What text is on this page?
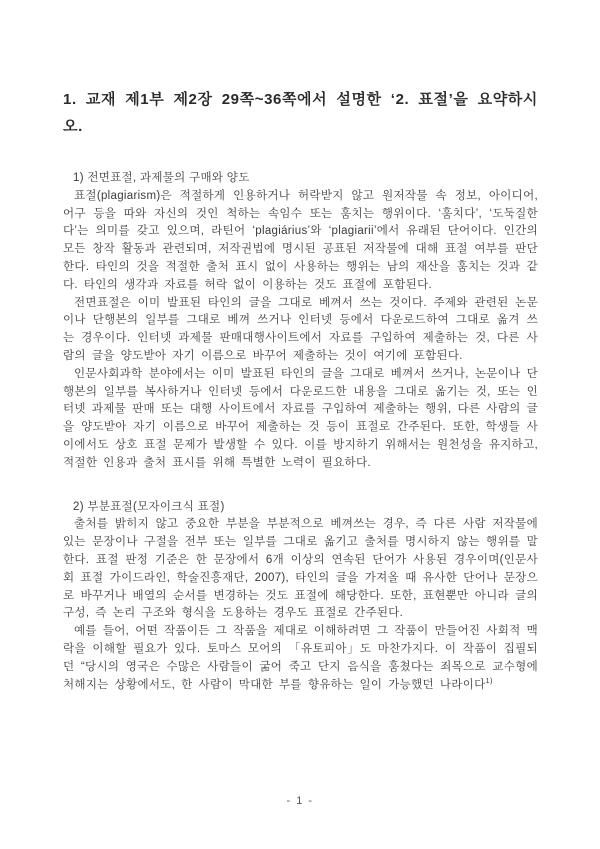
1. 교재 제1부 제2장 29쪽~36쪽에서 설명한 ‘2. 표절’을 요약하시오.

1) 전면표절, 과제물의 구매와 양도

표절(plagiarism)은 적절하게 인용하거나 허락받지 않고 원저작물 속 정보, 아이디어, 어구 등을 따와 자신의 것인 척하는 속임수 또는 훔치는 행위이다. ‘훔치다’, ‘도둑질한다’는 의미를 갖고 있으며, 라틴어 ‘plagiárius’와 ‘plagiarii’에서 유래된 단어이다. 인간의 모든 창작 활동과 관련되며, 저작권법에 명시된 공표된 저작물에 대해 표절 여부를 판단한다. 타인의 것을 적절한 출처 표시 없이 사용하는 행위는 남의 재산을 훔치는 것과 같다. 타인의 생각과 자료를 허락 없이 이용하는 것도 표절에 포함된다.

전면표절은 이미 발표된 타인의 글을 그대로 베껴서 쓰는 것이다. 주제와 관련된 논문이나 단행본의 일부를 그대로 베껴 쓰거나 인터넷 등에서 다운로드하여 그대로 옮겨 쓰는 경우이다. 인터넷 과제물 판매대행사이트에서 자료를 구입하여 제출하는 것, 다른 사람의 글을 양도받아 자기 이름으로 바꾸어 제출하는 것이 여기에 포함된다.

인문사회과학 분야에서는 이미 발표된 타인의 글을 그대로 베껴서 쓰거나, 논문이나 단행본의 일부를 복사하거나 인터넷 등에서 다운로드한 내용을 그대로 옮기는 것, 또는 인터넷 과제물 판매 또는 대행 사이트에서 자료를 구입하여 제출하는 행위, 다른 사람의 글을 양도받아 자기 이름으로 바꾸어 제출하는 것 등이 표절로 간주된다. 또한, 학생들 사이에서도 상호 표절 문제가 발생할 수 있다. 이를 방지하기 위해서는 원천성을 유지하고, 적절한 인용과 출처 표시를 위해 특별한 노력이 필요하다.

2) 부분표절(모자이크식 표절)

출처를 밝히지 않고 중요한 부분을 부분적으로 베껴쓰는 경우, 즉 다른 사람 저작물에 있는 문장이나 구절을 전부 또는 일부를 그대로 옮기고 출처를 명시하지 않는 행위를 말한다. 표절 판정 기준은 한 문장에서 6개 이상의 연속된 단어가 사용된 경우이며(인문사회 표절 가이드라인, 학술진흥재단, 2007), 타인의 글을 가져올 때 유사한 단어나 문장으로 바꾸거나 배열의 순서를 변경하는 것도 표절에 해당한다. 또한, 표현뿐만 아니라 글의 구성, 즉 논리 구조와 형식을 도용하는 경우도 표절로 간주된다.

예를 들어, 어떤 작품이든 그 작품을 제대로 이해하려면 그 작품이 만들어진 사회적 맥락을 이해할 필요가 있다. 토마스 모어의 「유토피아」도 마찬가지다. 이 작품이 집필되던 “당시의 영국은 수많은 사람들이 굶어 죽고 단지 음식을 훔쳤다는 죄목으로 교수형에 처해지는 상황에서도, 한 사람이 막대한 부를 향유하는 일이 가능했던 나라이다$^{1)}$

- 1 -
